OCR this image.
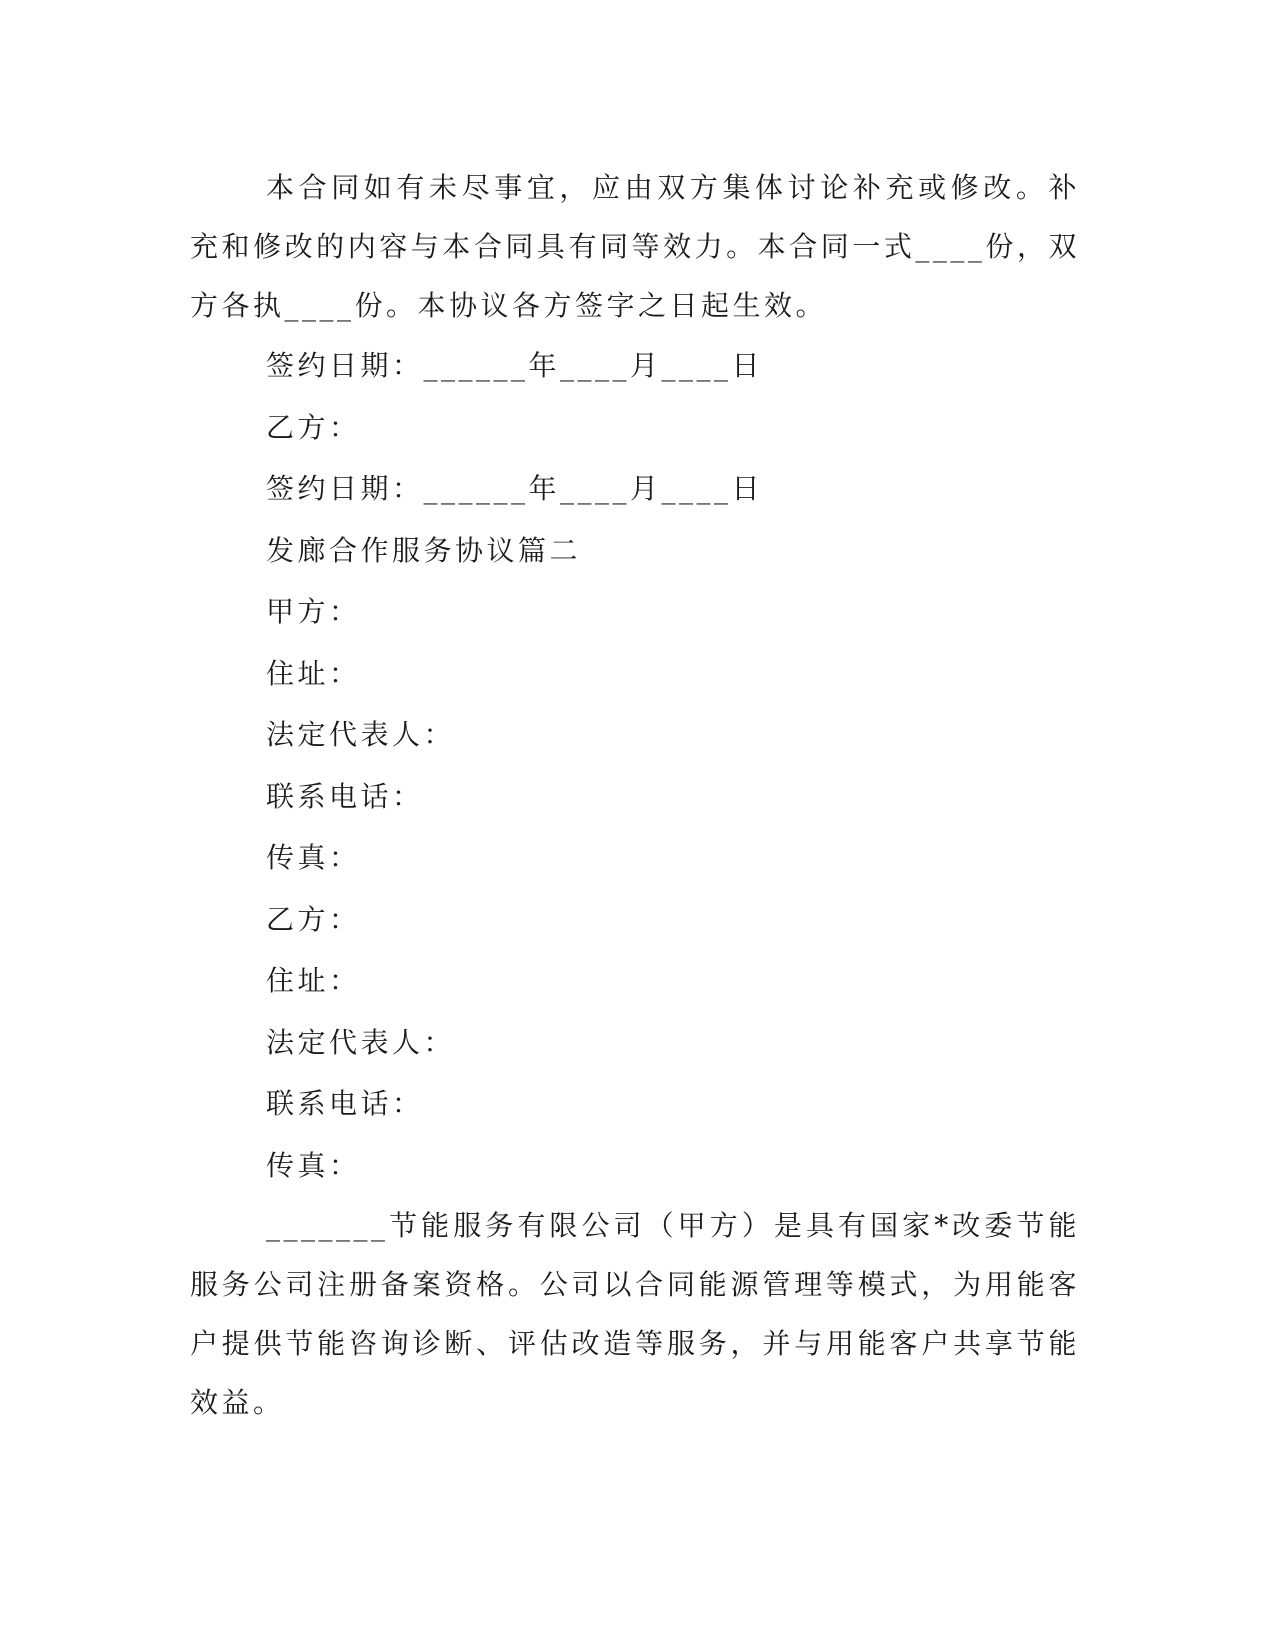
本合同如有未尽事宜，应由双方集体讨论补充或修改。补充和修改的内容与本合同具有同等效力。本合同一式____份，双方各执____份。本协议各方签字之日起生效。

签约日期：______年____月____日

乙方：

签约日期：______年____月____日

发廊合作服务协议篇二

甲方：

住址：

法定代表人：

联系电话：

传真：

乙方：

住址：

法定代表人：

联系电话：

传真：

_______节能服务有限公司（甲方）是具有国家*改委节能服务公司注册备案资格。公司以合同能源管理等模式，为用能客户提供节能咨询诊断、评估改造等服务，并与用能客户共享节能效益。
